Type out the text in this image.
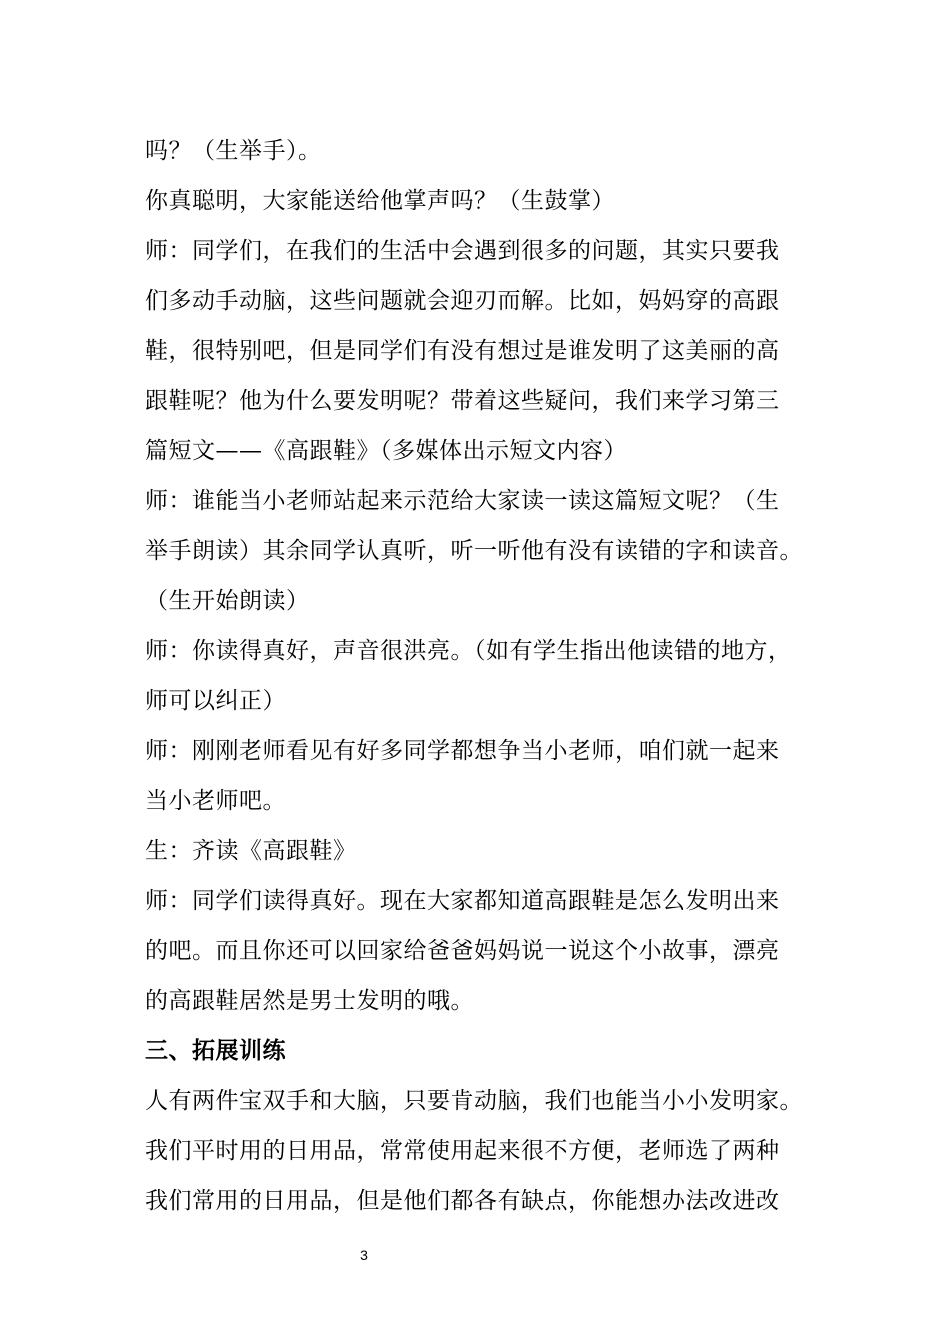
吗？（生举手）。
你真聪明，大家能送给他掌声吗？（生鼓掌）
师：同学们，在我们的生活中会遇到很多的问题，其实只要我
们多动手动脑，这些问题就会迎刃而解。比如，妈妈穿的高跟
鞋，很特别吧，但是同学们有没有想过是谁发明了这美丽的高
跟鞋呢？他为什么要发明呢？带着这些疑问，我们来学习第三
篇短文——《高跟鞋》（多媒体出示短文内容）
师：谁能当小老师站起来示范给大家读一读这篇短文呢？（生
举手朗读）其余同学认真听，听一听他有没有读错的字和读音。
（生开始朗读）
师：你读得真好，声音很洪亮。（如有学生指出他读错的地方，
师可以纠正）
师：刚刚老师看见有好多同学都想争当小老师，咱们就一起来
当小老师吧。
生：齐读《高跟鞋》
师：同学们读得真好。现在大家都知道高跟鞋是怎么发明出来
的吧。而且你还可以回家给爸爸妈妈说一说这个小故事，漂亮
的高跟鞋居然是男士发明的哦。
三、拓展训练
人有两件宝双手和大脑，只要肯动脑，我们也能当小小发明家。
我们平时用的日用品，常常使用起来很不方便，老师选了两种
我们常用的日用品，但是他们都各有缺点，你能想办法改进改
3
